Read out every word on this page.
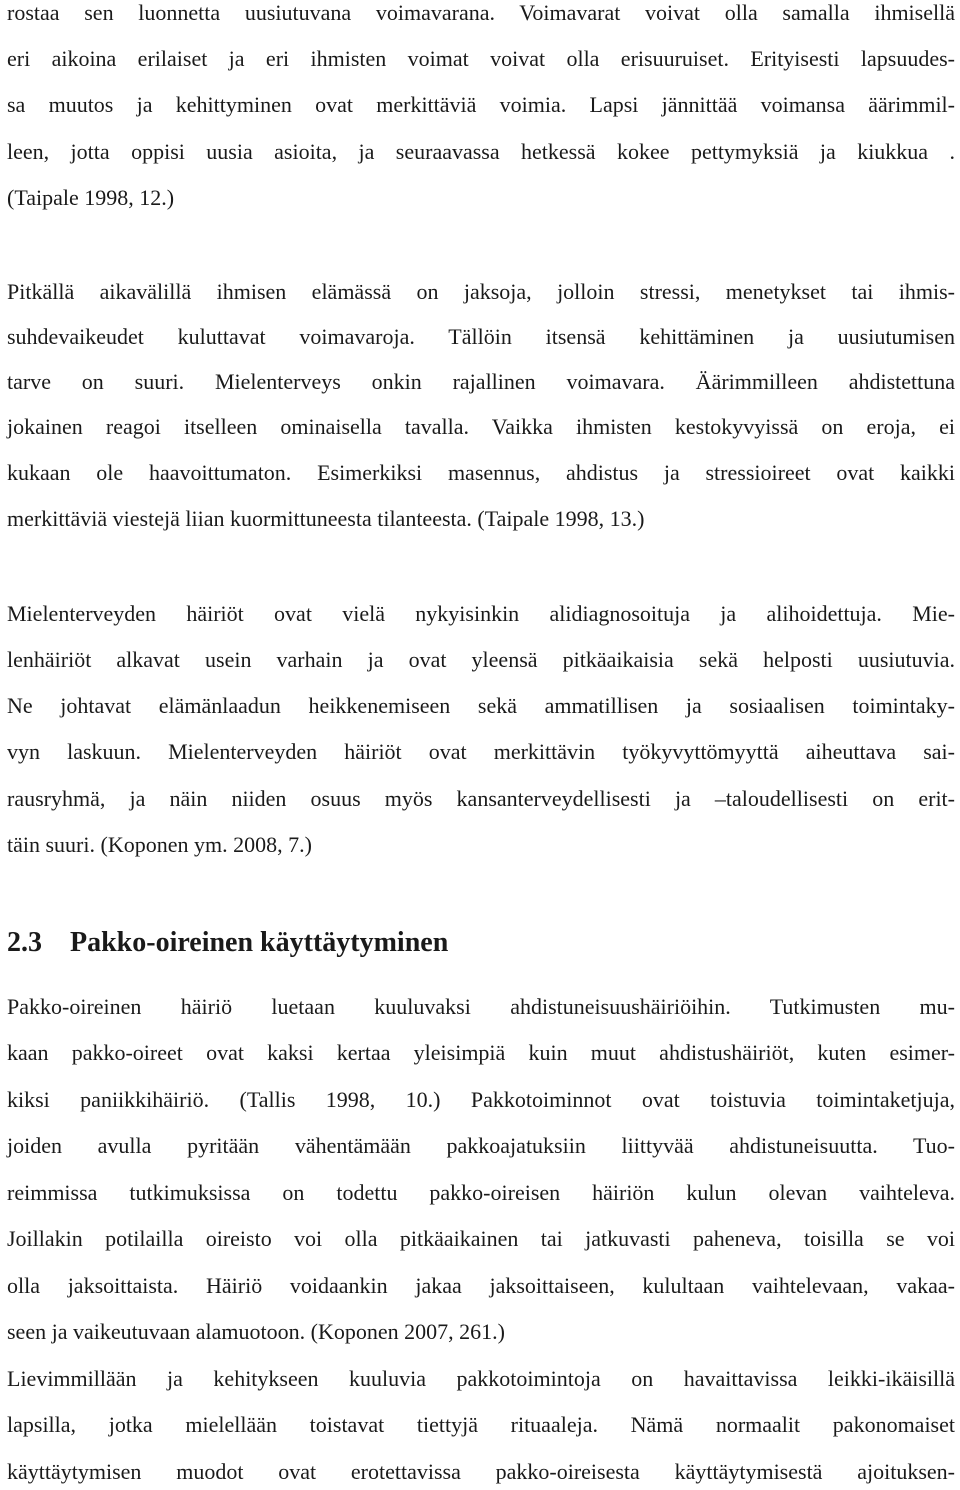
rostaa sen luonnetta uusiutuvana voimavarana. Voimavarat voivat olla samalla ihmisellä
eri aikoina erilaiset ja eri ihmisten voimat voivat olla erisuuruiset. Erityisesti lapsuudes-
sa muutos ja kehittyminen ovat merkittäviä voimia. Lapsi jännittää voimansa äärimmil-
leen, jotta oppisi uusia asioita, ja seuraavassa hetkessä kokee pettymyksiä ja kiukkua .
(Taipale 1998, 12.)
Pitkällä aikavälillä ihmisen elämässä on jaksoja, jolloin stressi, menetykset tai ihmis-
suhdevaikeudet kuluttavat voimavaroja. Tällöin itsensä kehittäminen ja uusiutumisen
tarve on suuri. Mielenterveys onkin rajallinen voimavara. Äärimmilleen ahdistettuna
jokainen reagoi itselleen ominaisella tavalla. Vaikka ihmisten kestokyvyissä on eroja, ei
kukaan ole haavoittumaton. Esimerkiksi masennus, ahdistus ja stressioireet ovat kaikki
merkittäviä viestejä liian kuormittuneesta tilanteesta. (Taipale 1998, 13.)
Mielenterveyden häiriöt ovat vielä nykyisinkin alidiagnosoituja ja alihoidettuja. Mie-
lenhäiriöt alkavat usein varhain ja ovat yleensä pitkäaikaisia sekä helposti uusiutuvia.
Ne johtavat elämänlaadun heikkenemiseen sekä ammatillisen ja sosiaalisen toimintaky-
vyn laskuun. Mielenterveyden häiriöt ovat merkittävin työkyvyttömyyttä aiheuttava sai-
rausryhmä, ja näin niiden osuus myös kansanterveydellisesti ja –taloudellisesti on erit-
täin suuri. (Koponen ym. 2008, 7.)
2.3 Pakko-oireinen käyttäytyminen
Pakko-oireinen häiriö luetaan kuuluvaksi ahdistuneisuushäiriöihin. Tutkimusten mu-
kaan pakko-oireet ovat kaksi kertaa yleisimpiä kuin muut ahdistushäiriöt, kuten esimer-
kiksi paniikkihäiriö. (Tallis 1998, 10.) Pakkotoiminnot ovat toistuvia toimintaketjuja,
joiden avulla pyritään vähentämään pakkoajatuksiin liittyvää ahdistuneisuutta. Tuo-
reimmissa tutkimuksissa on todettu pakko-oireisen häiriön kulun olevan vaihteleva.
Joillakin potilailla oireisto voi olla pitkäaikainen tai jatkuvasti paheneva, toisilla se voi
olla jaksoittaista. Häiriö voidaankin jakaa jaksoittaiseen, kulultaan vaihtelevaan, vakaa-
seen ja vaikeutuvaan alamuotoon. (Koponen 2007, 261.)
Lievimmillään ja kehitykseen kuuluvia pakkotoimintoja on havaittavissa leikki-ikäisillä
lapsilla, jotka mielellään toistavat tiettyjä rituaaleja. Nämä normaalit pakonomaiset
käyttäytymisen muodot ovat erotettavissa pakko-oireisesta käyttäytymisestä ajoituksen-
